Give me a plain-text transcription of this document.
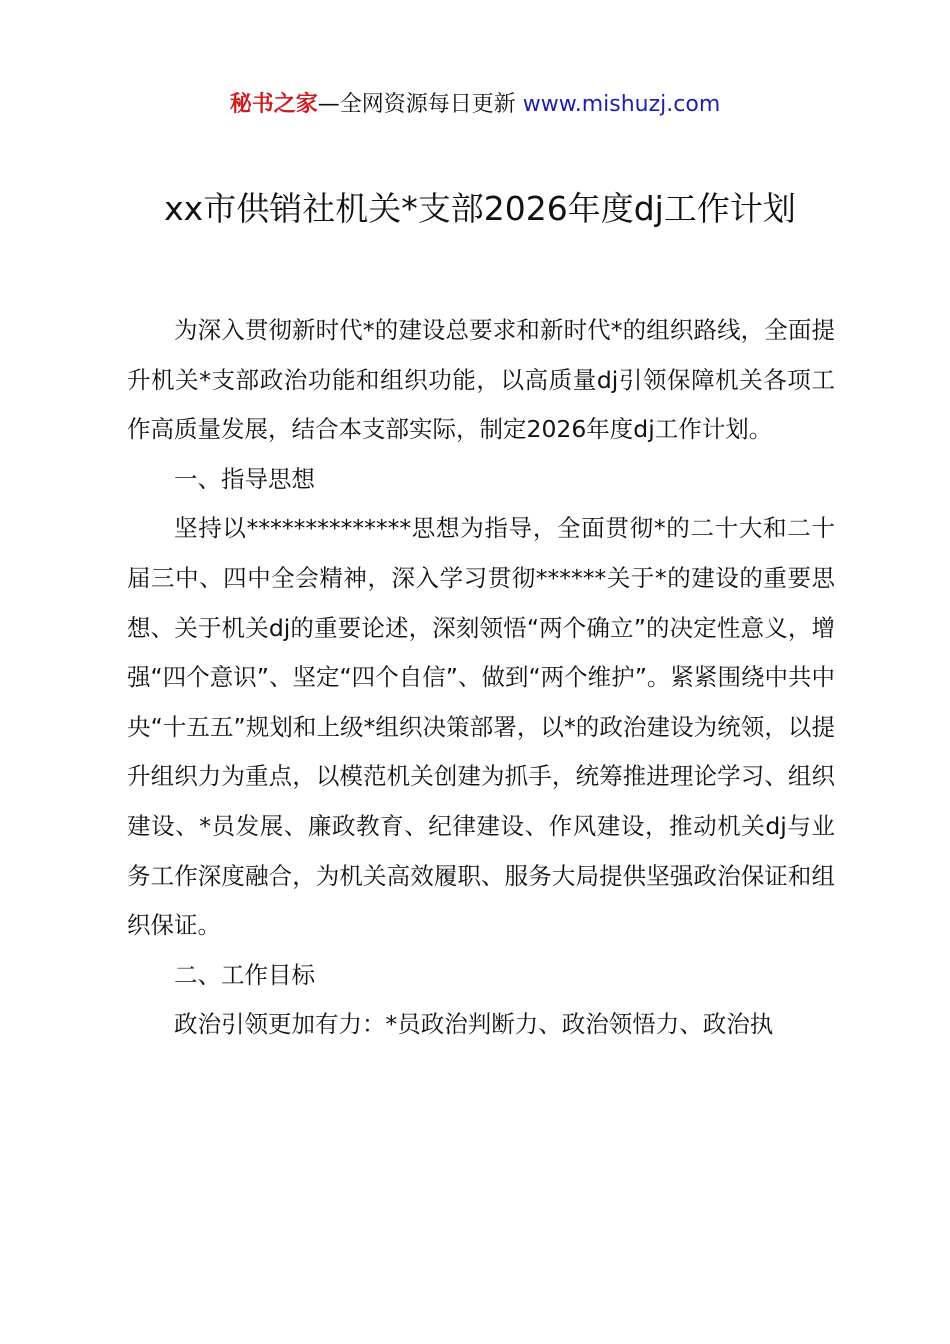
秘书之家—全网资源每日更新 www.mishuzj.com
xx市供销社机关*支部2026年度dj工作计划

为深入贯彻新时代*的建设总要求和新时代*的组织路线，全面提升机关*支部政治功能和组织功能，以高质量dj引领保障机关各项工作高质量发展，结合本支部实际，制定2026年度dj工作计划。

一、指导思想

坚持以**************思想为指导，全面贯彻*的二十大和二十届三中、四中全会精神，深入学习贯彻******关于*的建设的重要思想、关于机关dj的重要论述，深刻领悟“两个确立”的决定性意义，增强“四个意识”、坚定“四个自信”、做到“两个维护”。紧紧围绕中共中央“十五五”规划和上级*组织决策部署，以*的政治建设为统领，以提升组织力为重点，以模范机关创建为抓手，统筹推进理论学习、组织建设、*员发展、廉政教育、纪律建设、作风建设，推动机关dj与业务工作深度融合，为机关高效履职、服务大局提供坚强政治保证和组织保证。

二、工作目标

政治引领更加有力：*员政治判断力、政治领悟力、政治执
